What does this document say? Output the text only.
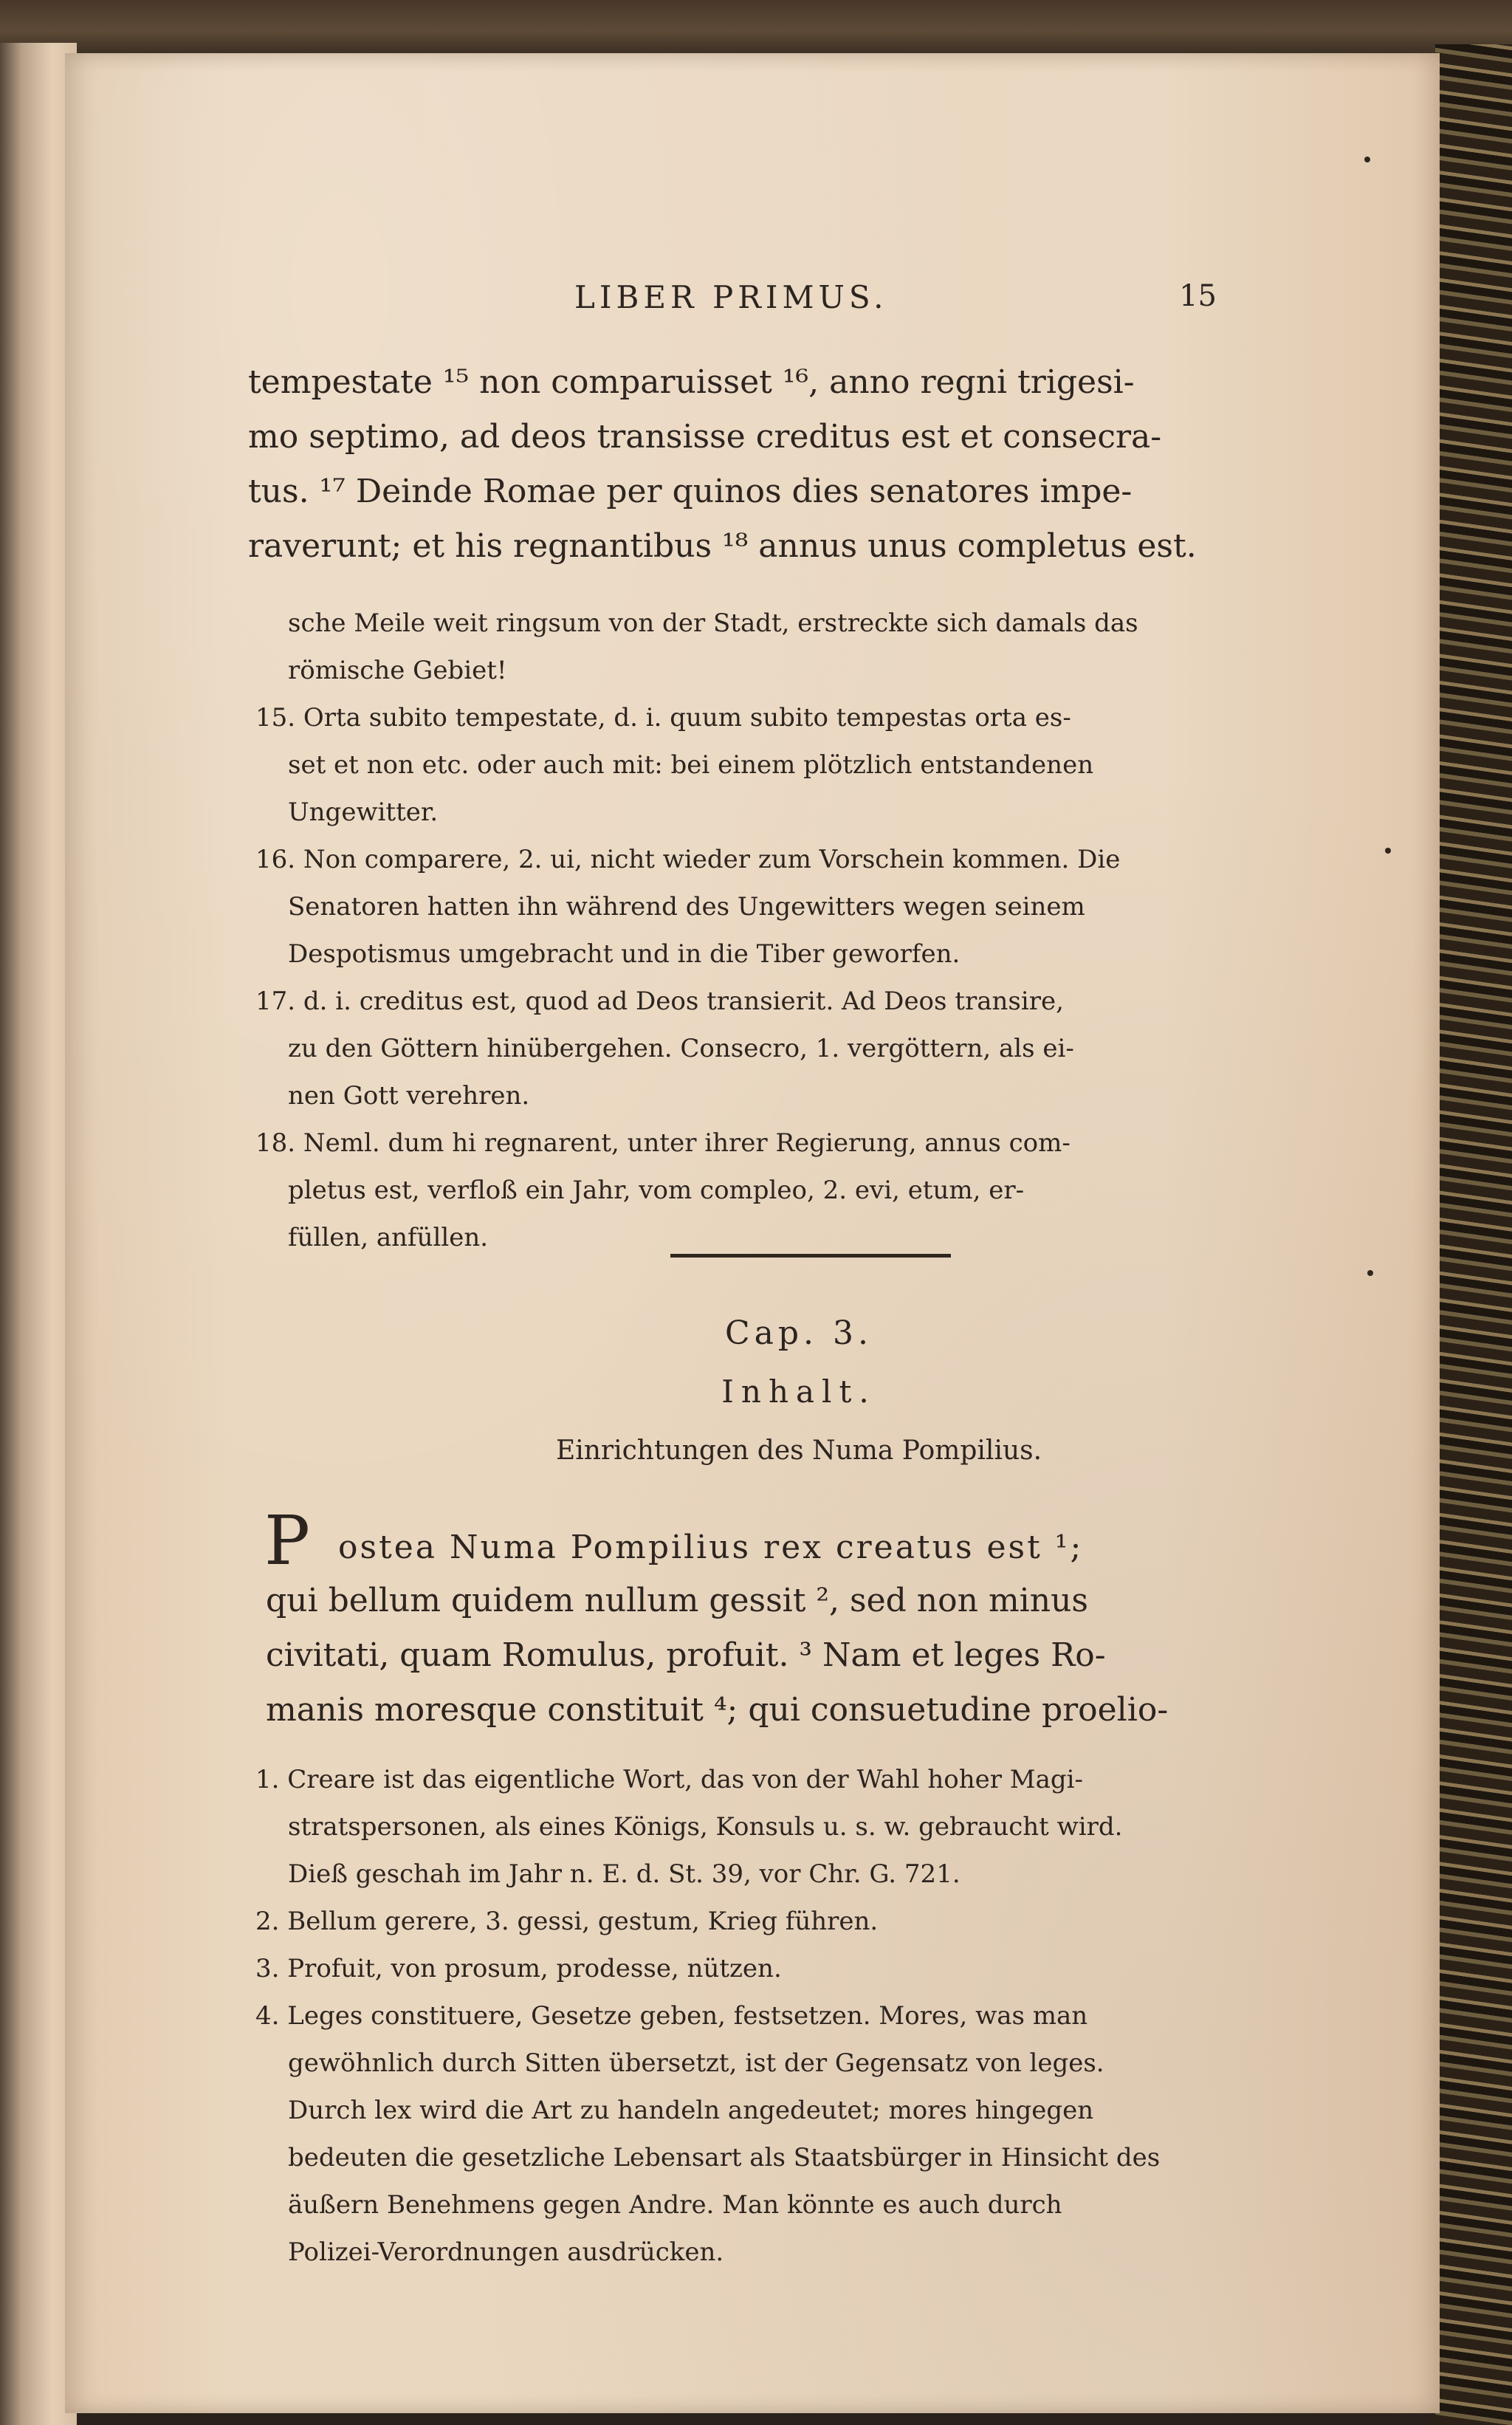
LIBER PRIMUS.	15
tempestate ¹⁵ non comparuisset ¹⁶, anno regni trigesi-
mo septimo, ad deos transisse creditus est et consecra-
tus. ¹⁷ Deinde Romae per quinos dies senatores impe-
raverunt; et his regnantibus ¹⁸ annus unus completus est.
sche Meile weit ringsum von der Stadt, erstreckte sich damals das
römische Gebiet!
15. Orta subito tempestate, d. i. quum subito tempestas orta es-
set et non etc. oder auch mit: bei einem plötzlich entstandenen
Ungewitter.
16. Non comparere, 2. ui, nicht wieder zum Vorschein kommen. Die
Senatoren hatten ihn während des Ungewitters wegen seinem
Despotismus umgebracht und in die Tiber geworfen.
17. d. i. creditus est, quod ad Deos transierit. Ad Deos transire,
zu den Göttern hinübergehen. Consecro, 1. vergöttern, als ei-
nen Gott verehren.
18. Neml. dum hi regnarent, unter ihrer Regierung, annus com-
pletus est, verfloß ein Jahr, vom compleo, 2. evi, etum, er-
füllen, anfüllen.
Cap. 3.
Inhalt.
Einrichtungen des Numa Pompilius.
P ostea Numa Pompilius rex creatus est ¹;
qui bellum quidem nullum gessit ², sed non minus
civitati, quam Romulus, profuit. ³ Nam et leges Ro-
manis moresque constituit ⁴; qui consuetudine proelio-
1. Creare ist das eigentliche Wort, das von der Wahl hoher Magi-
stratspersonen, als eines Königs, Konsuls u. s. w. gebraucht wird.
Dieß geschah im Jahr n. E. d. St. 39, vor Chr. G. 721.
2. Bellum gerere, 3. gessi, gestum, Krieg führen.
3. Profuit, von prosum, prodesse, nützen.
4. Leges constituere, Gesetze geben, festsetzen. Mores, was man
gewöhnlich durch Sitten übersetzt, ist der Gegensatz von leges.
Durch lex wird die Art zu handeln angedeutet; mores hingegen
bedeuten die gesetzliche Lebensart als Staatsbürger in Hinsicht des
äußern Benehmens gegen Andre. Man könnte es auch durch
Polizei-Verordnungen ausdrücken.
